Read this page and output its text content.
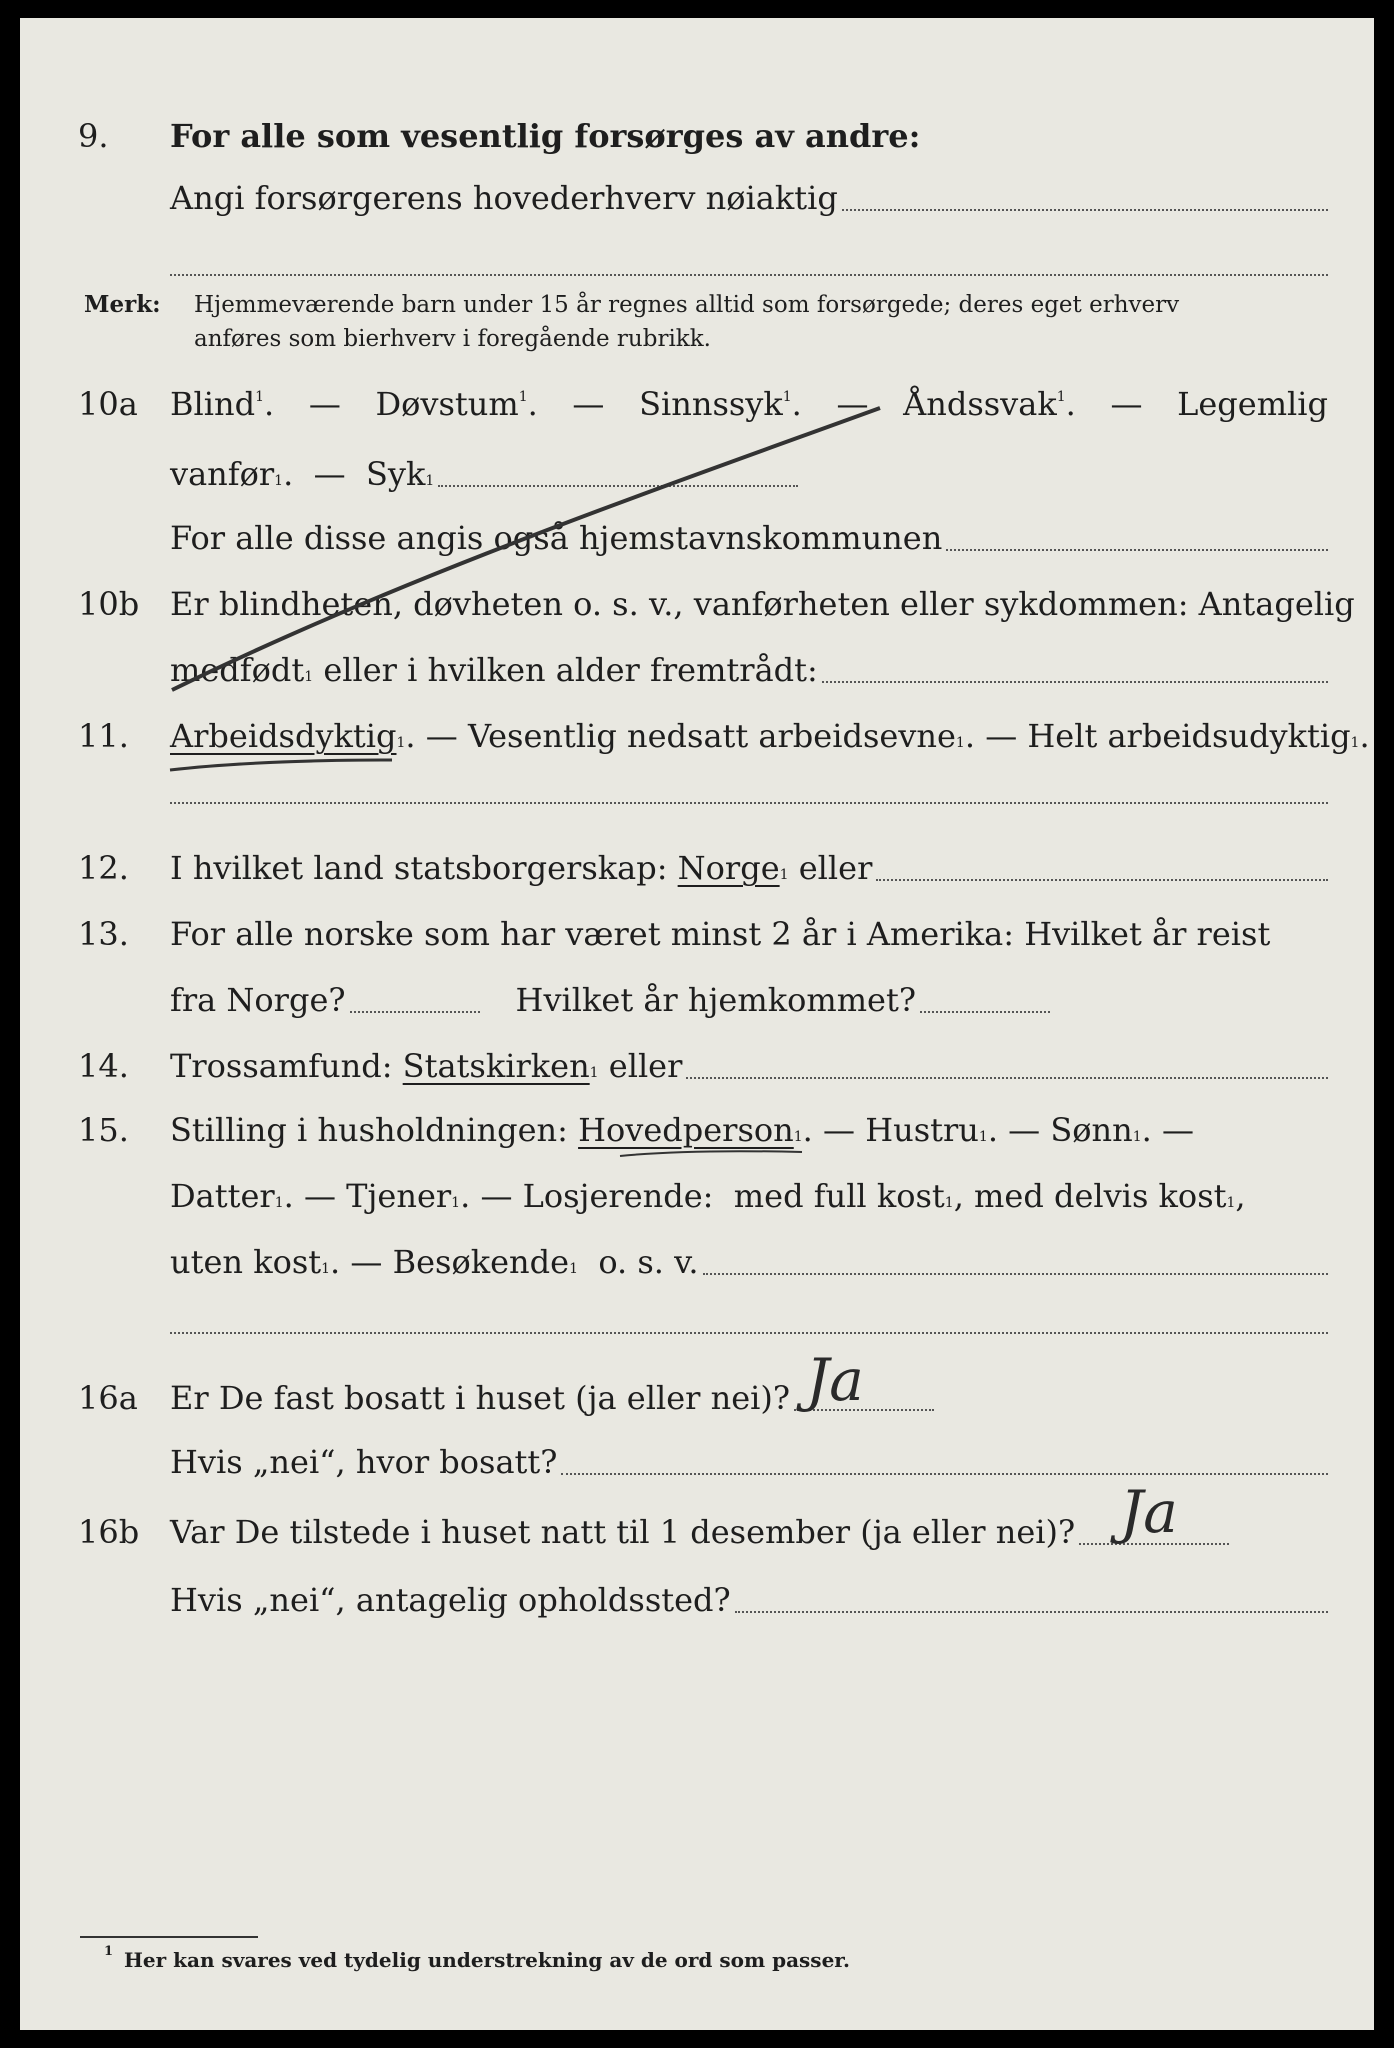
9. For alle som vesentlig forsørges av andre:
Angi forsørgerens hovederhverv nøiaktig
Merk: Hjemmeværende barn under 15 år regnes alltid som forsørgede; deres eget erhverv
anføres som bierhverv i foregående rubrikk.
10a Blind$^1$. — Døvstum$^1$. — Sinnssyk$^1$. — Åndssvak$^1$. — Legemlig
vanfør 1 .
—
Syk 1
For alle disse angis også hjemstavnskommunen
10b Er blindheten, døvheten o. s. v., vanførheten eller sykdommen: Antagelig
medfødt 1 eller i hvilken alder fremtrådt:
11. Arbeidsdyktig 1 . — Vesentlig nedsatt arbeidsevne 1 . — Helt arbeidsudyktig 1 .
12. I hvilket land statsborgerskap: Norge 1 eller
13. For alle norske som har været minst 2 år i Amerika: Hvilket år reist
fra Norge?	Hvilket år hjemkommet?
14. Trossamfund: Statskirken 1 eller
15. Stilling i husholdningen: Hovedperson 1 . — Hustru 1 . — Sønn 1 . —
Datter 1 . — Tjener 1 . — Losjerende:
med full kost 1 , med delvis kost 1 ,
uten kost 1 . — Besøkende 1
o. s. v.
16a Er De fast bosatt i huset (ja eller nei)? Ja
Hvis „nei“, hvor bosatt?
16b Var De tilstede i huset natt til 1 desember (ja eller nei)? Ja
Hvis „nei“, antagelig opholdssted?
1 Her kan svares ved tydelig understrekning av de ord som passer.
